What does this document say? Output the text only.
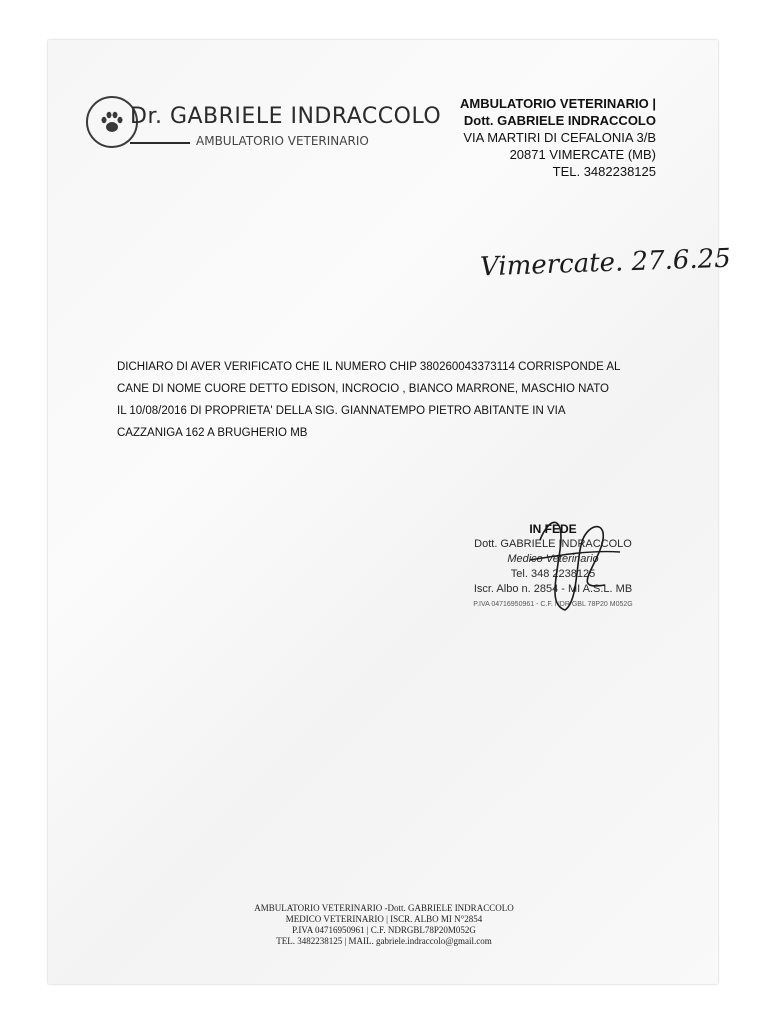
Dr. GABRIELE INDRACCOLO
AMBULATORIO VETERINARIO
AMBULATORIO VETERINARIO |
Dott. GABRIELE INDRACCOLO
VIA MARTIRI DI CEFALONIA 3/B
20871 VIMERCATE (MB)
TEL. 3482238125
Vimercate. 27.6.25
DICHIARO DI AVER VERIFICATO CHE IL NUMERO CHIP 380260043373114 CORRISPONDE AL
CANE DI NOME CUORE DETTO EDISON, INCROCIO , BIANCO MARRONE, MASCHIO NATO
IL 10/08/2016 DI PROPRIETA' DELLA SIG. GIANNATEMPO PIETRO ABITANTE IN VIA
CAZZANIGA 162 A BRUGHERIO MB
IN FEDE
Dott. GABRIELE INDRACCOLO
Medico Veterinario
Tel. 348 2238125
Iscr. Albo n. 2854 - MI A.S.L. MB
P.IVA 04716950961 - C.F. NDR GBL 78P20 M052G
AMBULATORIO VETERINARIO -Dott. GABRIELE INDRACCOLO
MEDICO VETERINARIO | ISCR. ALBO MI N°2854
P.IVA 04716950961 | C.F. NDRGBL78P20M052G
TEL. 3482238125 | MAIL. gabriele.indraccolo@gmail.com
